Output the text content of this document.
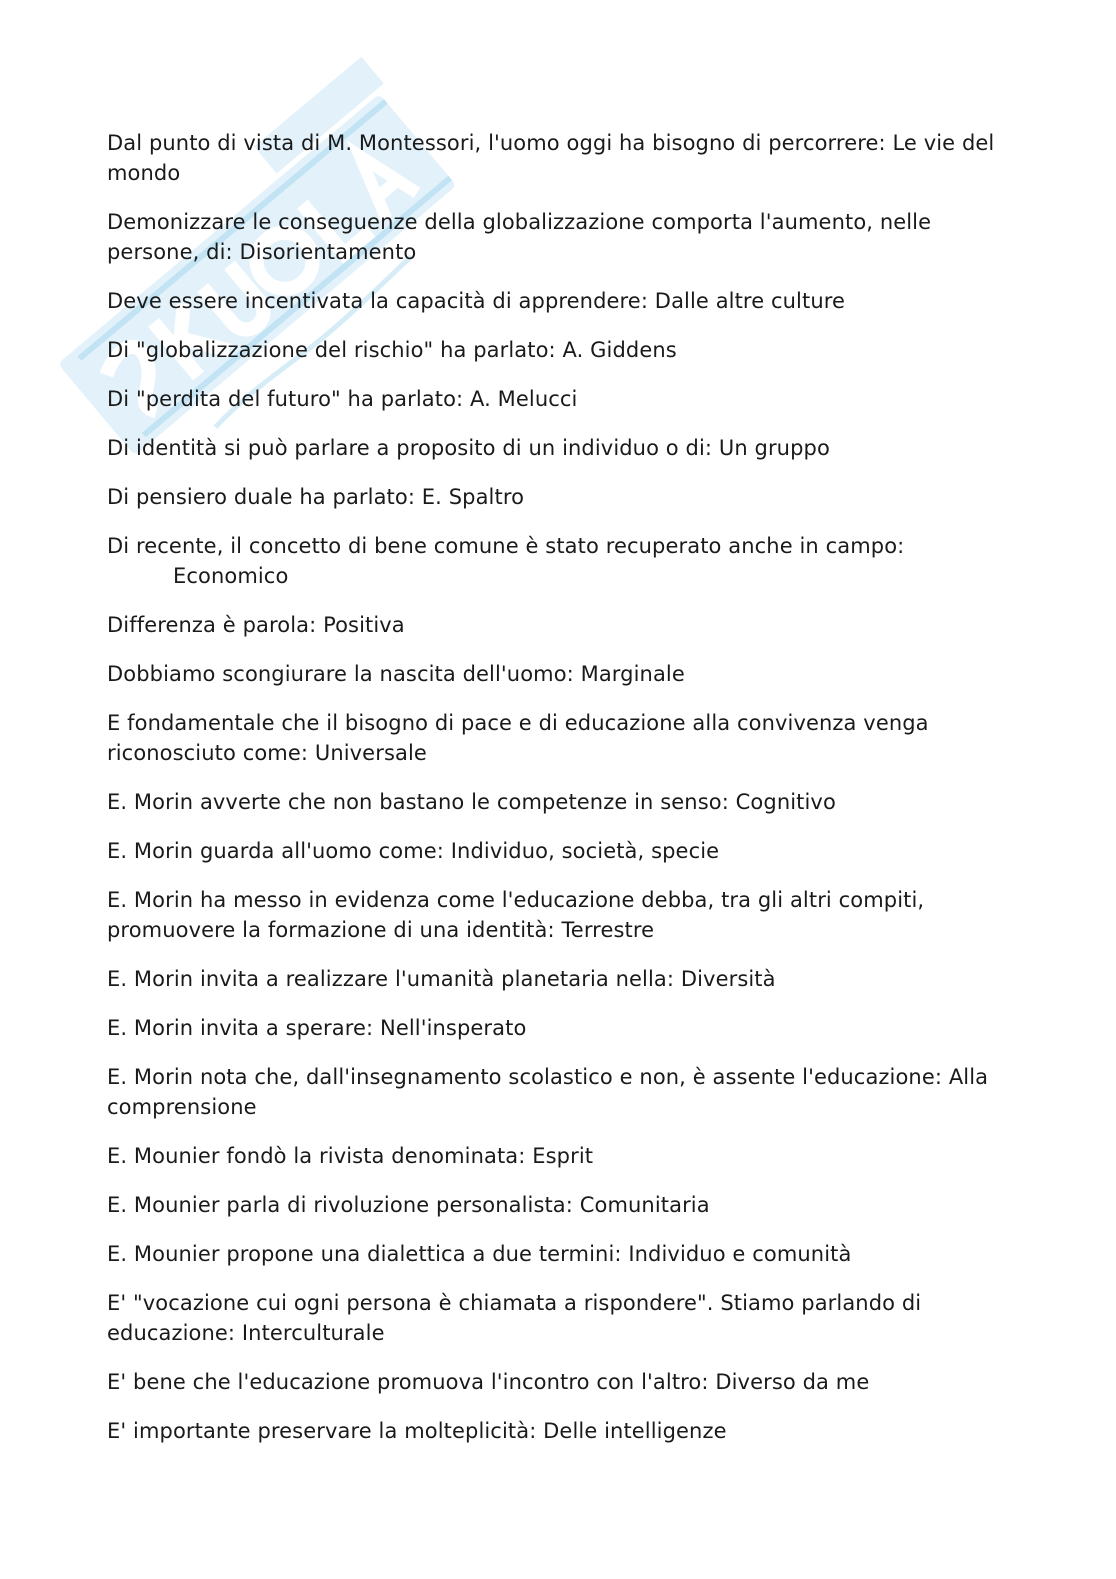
Dal punto di vista di M. Montessori, l'uomo oggi ha bisogno di percorrere: Le vie del mondo

Demonizzare le conseguenze della globalizzazione comporta l'aumento, nelle persone, di: Disorientamento

Deve essere incentivata la capacità di apprendere: Dalle altre culture

Di "globalizzazione del rischio" ha parlato: A. Giddens

Di "perdita del futuro" ha parlato: A. Melucci

Di identità si può parlare a proposito di un individuo o di: Un gruppo

Di pensiero duale ha parlato: E. Spaltro

Di recente, il concetto di bene comune è stato recuperato anche in campo:
Economico

Differenza è parola: Positiva

Dobbiamo scongiurare la nascita dell'uomo: Marginale

E fondamentale che il bisogno di pace e di educazione alla convivenza venga riconosciuto come: Universale

E. Morin avverte che non bastano le competenze in senso: Cognitivo

E. Morin guarda all'uomo come: Individuo, società, specie

E. Morin ha messo in evidenza come l'educazione debba, tra gli altri compiti, promuovere la formazione di una identità: Terrestre

E. Morin invita a realizzare l'umanità planetaria nella: Diversità

E. Morin invita a sperare: Nell'insperato

E. Morin nota che, dall'insegnamento scolastico e non, è assente l'educazione: Alla comprensione

E. Mounier fondò la rivista denominata: Esprit

E. Mounier parla di rivoluzione personalista: Comunitaria

E. Mounier propone una dialettica a due termini: Individuo e comunità

E' "vocazione cui ogni persona è chiamata a rispondere". Stiamo parlando di educazione: Interculturale

E' bene che l'educazione promuova l'incontro con l'altro: Diverso da me

E' importante preservare la molteplicità: Delle intelligenze
